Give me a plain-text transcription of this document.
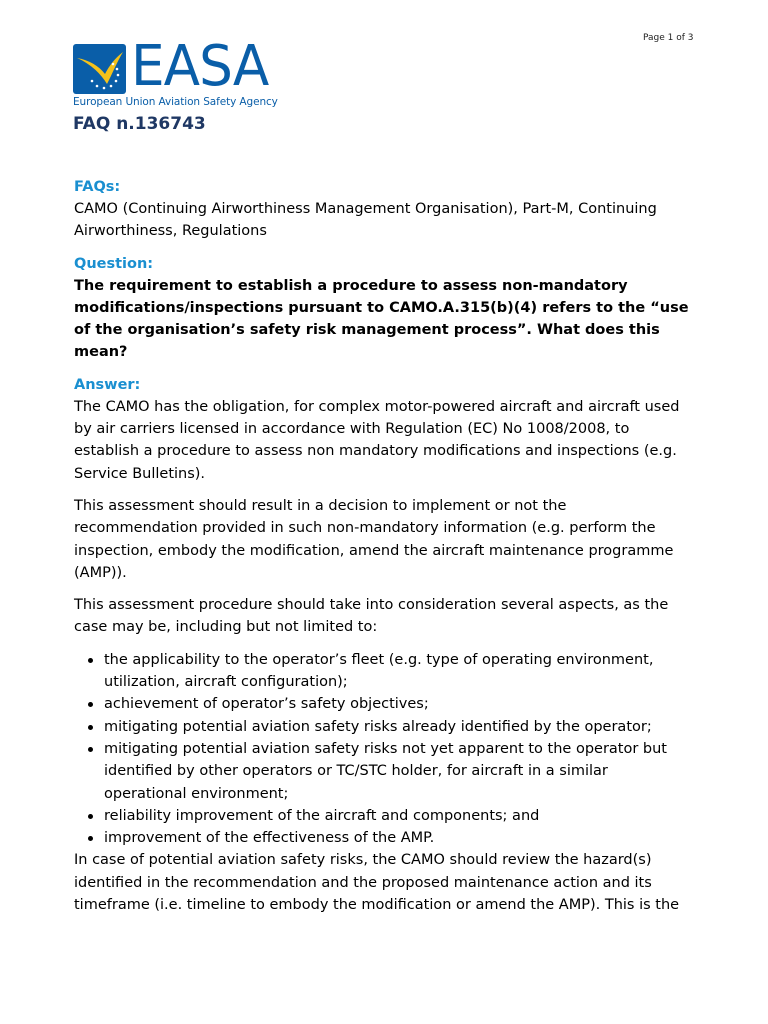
Page 1 of 3
EASA
European Union Aviation Safety Agency
FAQ n.136743
FAQs:

CAMO (Continuing Airworthiness Management Organisation), Part-M, Continuing Airworthiness, Regulations

Question:

The requirement to establish a procedure to assess non-mandatory modifications/inspections pursuant to CAMO.A.315(b)(4) refers to the “use of the organisation’s safety risk management process”. What does this mean?

Answer:

The CAMO has the obligation, for complex motor-powered aircraft and aircraft used by air carriers licensed in accordance with Regulation (EC) No 1008/2008, to establish a procedure to assess non mandatory modifications and inspections (e.g. Service Bulletins).

This assessment should result in a decision to implement or not the recommendation provided in such non-mandatory information (e.g. perform the inspection, embody the modification, amend the aircraft maintenance programme (AMP)).

This assessment procedure should take into consideration several aspects, as the case may be, including but not limited to:

the applicability to the operator’s fleet (e.g. type of operating environment, utilization, aircraft configuration);
achievement of operator’s safety objectives;
mitigating potential aviation safety risks already identified by the operator;
mitigating potential aviation safety risks not yet apparent to the operator but identified by other operators or TC/STC holder, for aircraft in a similar operational environment;
reliability improvement of the aircraft and components; and
improvement of the effectiveness of the AMP.

In case of potential aviation safety risks, the CAMO should review the hazard(s) identified in the recommendation and the proposed maintenance action and its timeframe (i.e. timeline to embody the modification or amend the AMP). This is the
